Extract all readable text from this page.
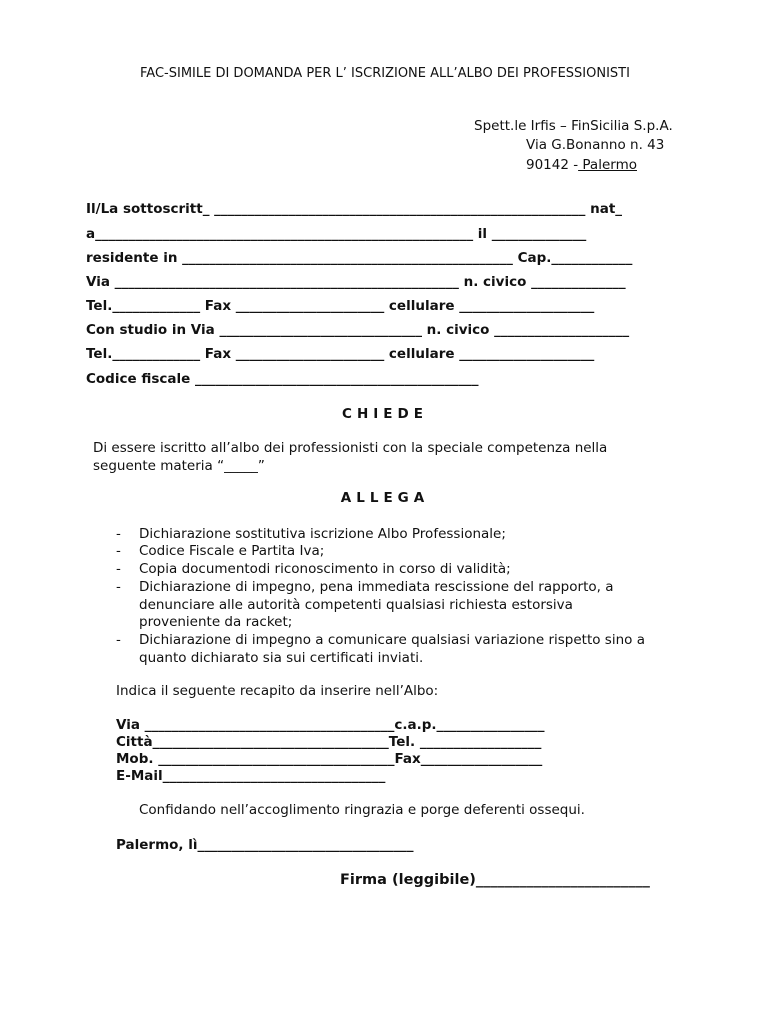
FAC-SIMILE DI DOMANDA PER L’ ISCRIZIONE ALL’ALBO DEI PROFESSIONISTI
Spett.le Irfis – FinSicilia S.p.A.
Via G.Bonanno n. 43
90142 - Palermo
Il/La sottoscritt_ _______________________________________________________ nat_
a________________________________________________________ il ______________
residente in _________________________________________________ Cap.____________
Via ___________________________________________________ n. civico ______________
Tel._____________ Fax ______________________ cellulare ____________________
Con studio in Via ______________________________ n. civico ____________________
Tel._____________ Fax ______________________ cellulare ____________________
Codice fiscale __________________________________________
CHIEDE
Di essere iscritto all’albo dei professionisti con la speciale competenza nella
seguente materia “_____”
ALLEGA
- Dichiarazione sostitutiva iscrizione Albo Professionale;
- Codice Fiscale e Partita Iva;
- Copia documentodi riconoscimento in corso di validità;
- Dichiarazione di impegno, pena immediata rescissione del rapporto, a
denunciare alle autorità competenti qualsiasi richiesta estorsiva
proveniente da racket;
- Dichiarazione di impegno a comunicare qualsiasi variazione rispetto sino a
quanto dichiarato sia sui certificati inviati.
Indica il seguente recapito da inserire nell’Albo:
Via _____________________________________c.a.p.________________
Città___________________________________Tel. __________________
Mob. ___________________________________Fax__________________
E-Mail_________________________________
Confidando nell’accoglimento ringrazia e porge deferenti ossequi.
Palermo, lì________________________________
Firma (leggibile)________________________
